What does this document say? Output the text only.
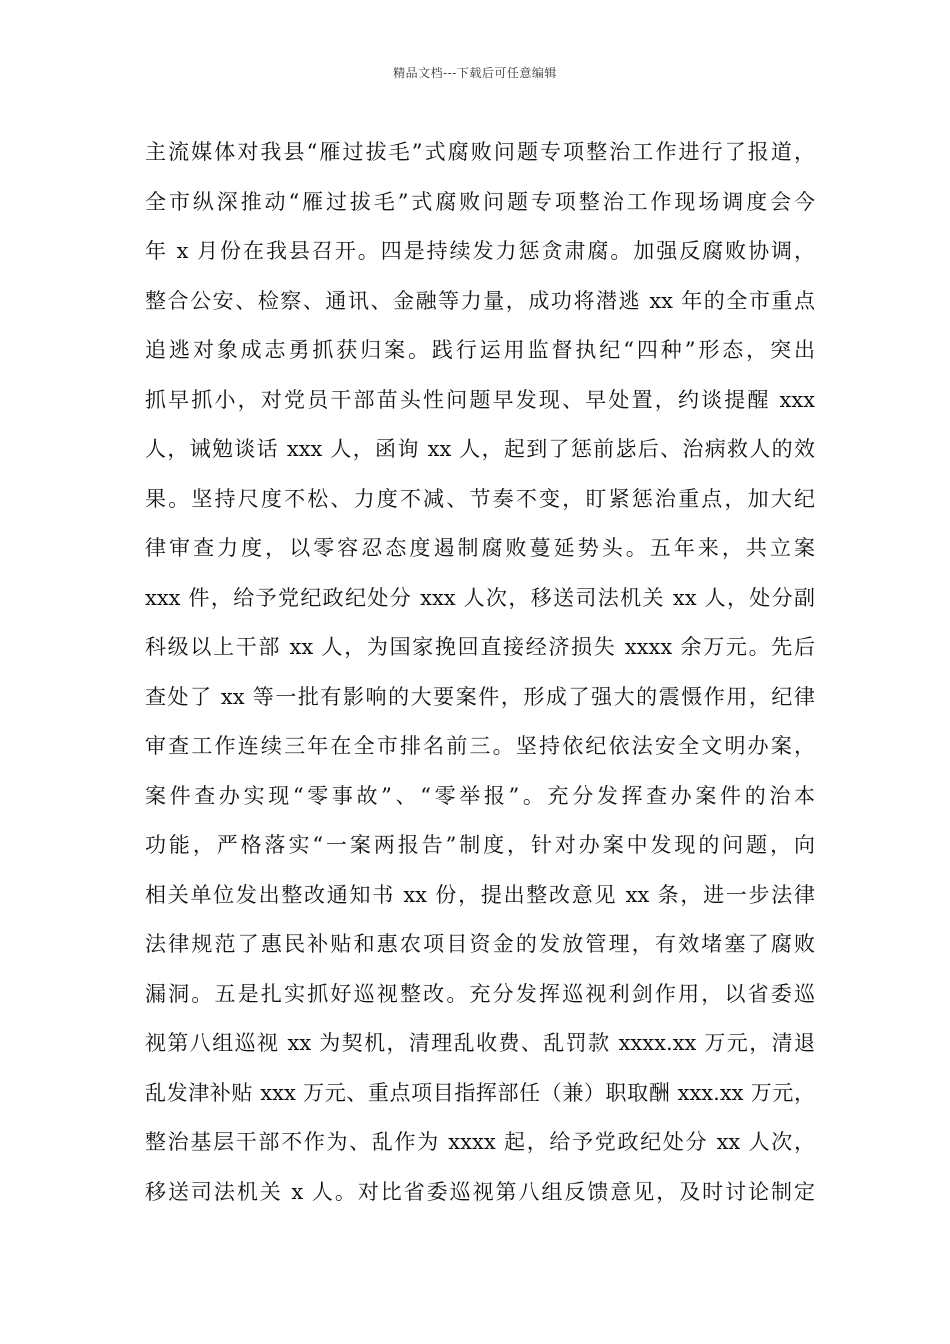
精品文档---下载后可任意编辑
主流媒体对我县“雁过拔毛”式腐败问题专项整治工作进行了报道，
全市纵深推动“雁过拔毛”式腐败问题专项整治工作现场调度会今
年 x 月份在我县召开。四是持续发力惩贪肃腐。加强反腐败协调，
整合公安、检察、通讯、金融等力量，成功将潜逃 xx 年的全市重点
追逃对象成志勇抓获归案。践行运用监督执纪“四种”形态，突出
抓早抓小，对党员干部苗头性问题早发现、早处置，约谈提醒 xxx
人，诫勉谈话 xxx 人，函询 xx 人，起到了惩前毖后、治病救人的效
果。坚持尺度不松、力度不减、节奏不变，盯紧惩治重点，加大纪
律审查力度，以零容忍态度遏制腐败蔓延势头。五年来，共立案
xxx 件，给予党纪政纪处分 xxx 人次，移送司法机关 xx 人，处分副
科级以上干部 xx 人，为国家挽回直接经济损失 xxxx 余万元。先后
查处了 xx 等一批有影响的大要案件，形成了强大的震慑作用，纪律
审查工作连续三年在全市排名前三。坚持依纪依法安全文明办案，
案件查办实现“零事故”、“零举报”。充分发挥查办案件的治本
功能，严格落实“一案两报告”制度，针对办案中发现的问题，向
相关单位发出整改通知书 xx 份，提出整改意见 xx 条，进一步法律
法律规范了惠民补贴和惠农项目资金的发放管理，有效堵塞了腐败
漏洞。五是扎实抓好巡视整改。充分发挥巡视利剑作用，以省委巡
视第八组巡视 xx 为契机，清理乱收费、乱罚款 xxxx.xx 万元，清退
乱发津补贴 xxx 万元、重点项目指挥部任（兼）职取酬 xxx.xx 万元，
整治基层干部不作为、乱作为 xxxx 起，给予党政纪处分 xx 人次，
移送司法机关 x 人。对比省委巡视第八组反馈意见，及时讨论制定
